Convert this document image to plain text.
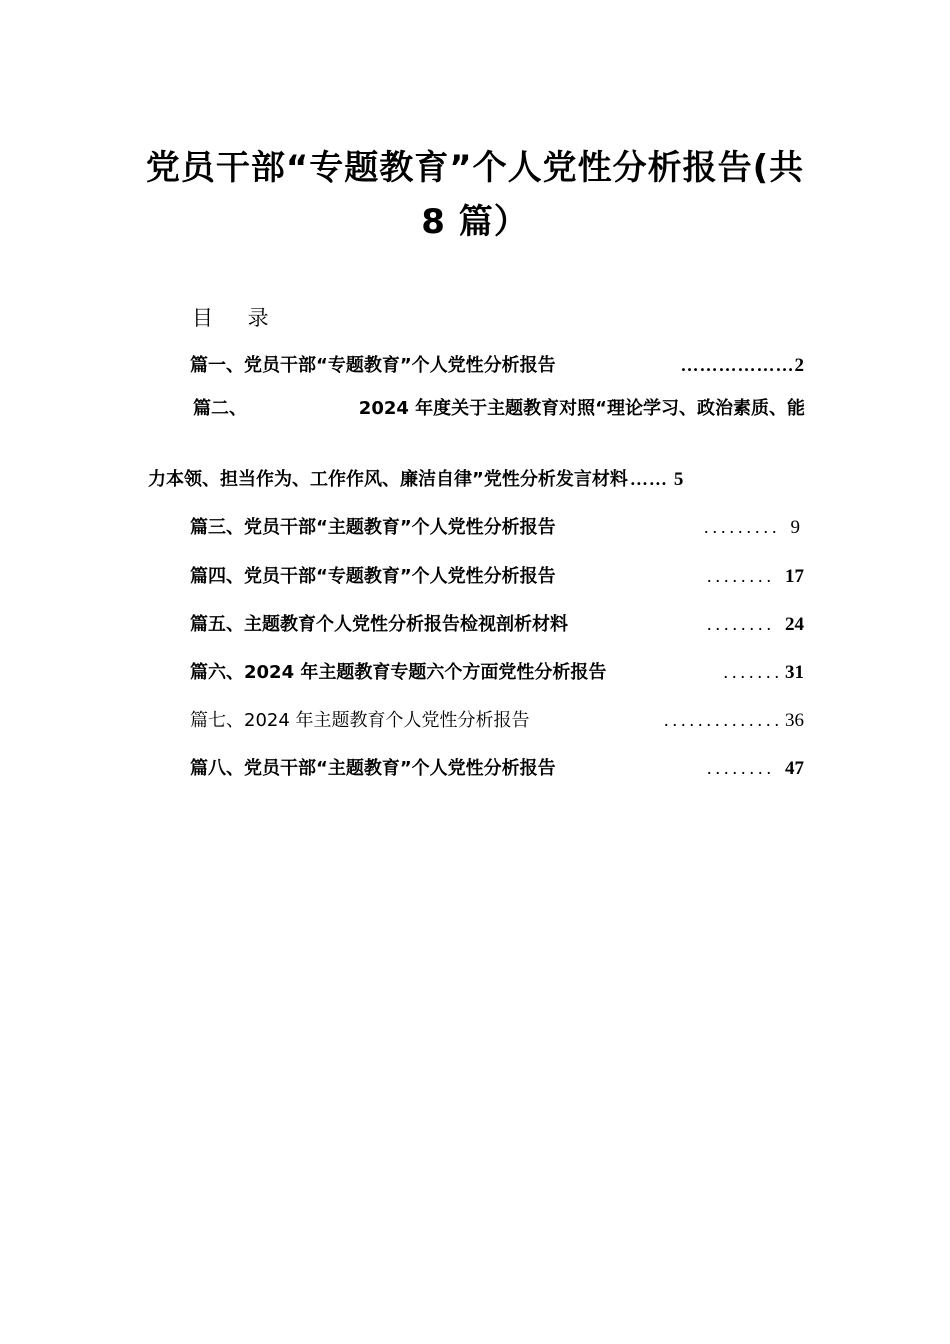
党员干部“专题教育”个人党性分析报告(共
8 篇）
目 录
篇一、党员干部“专题教育”个人党性分析报告	……………… 2
篇二、	2024 年度关于主题教育对照“理论学习、政治素质、能
力本领、担当作为、工作作风、廉洁自律”党性分析发言材料 …… 5
篇三、党员干部“主题教育”个人党性分析报告	......... 9
篇四、党员干部“专题教育”个人党性分析报告	........ 17
篇五、主题教育个人党性分析报告检视剖析材料	........ 24
篇六、2024 年主题教育专题六个方面党性分析报告	....... 31
篇七、2024 年主题教育个人党性分析报告	.............. 36
篇八、党员干部“主题教育”个人党性分析报告	........ 47
